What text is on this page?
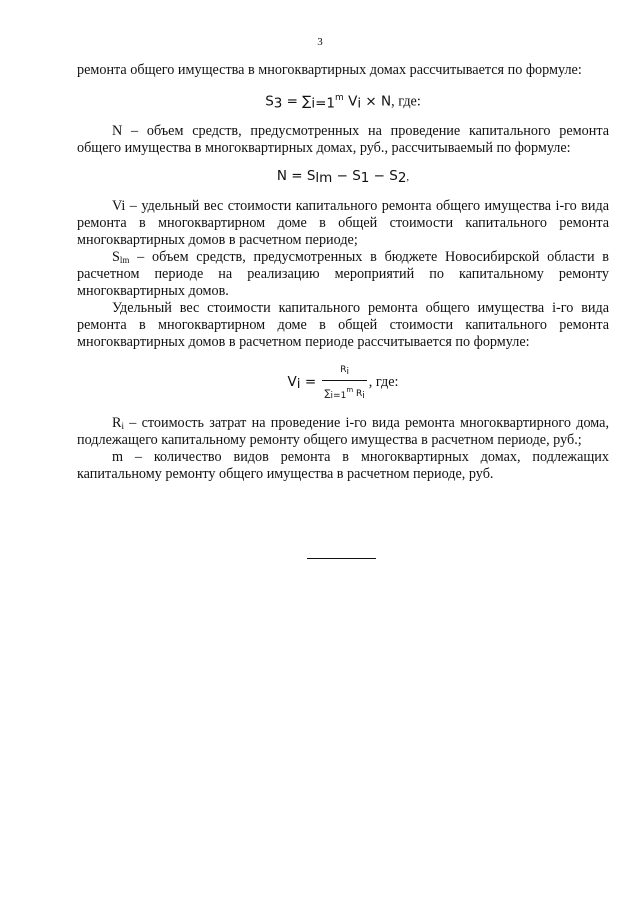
3

ремонта общего имущества в многоквартирных домах рассчитывается по формуле:

$S_3 = \sum_{i=1}^m$ $V_i \times N$, где:

N – объем средств, предусмотренных на проведение капитального ремонта общего имущества в многоквартирных домах, руб., рассчитываемый по формуле:

$N = S_{lm} - S_1 - S_2$,

Vi – удельный вес стоимости капитального ремонта общего имущества i-го вида ремонта в многоквартирном доме в общей стоимости капитального ремонта многоквартирных домов в расчетном периоде;

$S_{lm}$ – объем средств, предусмотренных в бюджете Новосибирской области в расчетном периоде на реализацию мероприятий по капитальному ремонту многоквартирных домов.

Удельный вес стоимости капитального ремонта общего имущества i-го вида ремонта в многоквартирном доме в общей стоимости капитального ремонта многоквартирных домов в расчетном периоде рассчитывается по формуле:

$V_i = \frac{R_i}{\sum_{i=1}^m R_i}$ , где:

$R_i$ – стоимость затрат на проведение i-го вида ремонта многоквартирного дома, подлежащего капитальному ремонту общего имущества в расчетном периоде, руб.;

m – количество видов ремонта в многоквартирных домах, подлежащих капитальному ремонту общего имущества в расчетном периоде, руб.
